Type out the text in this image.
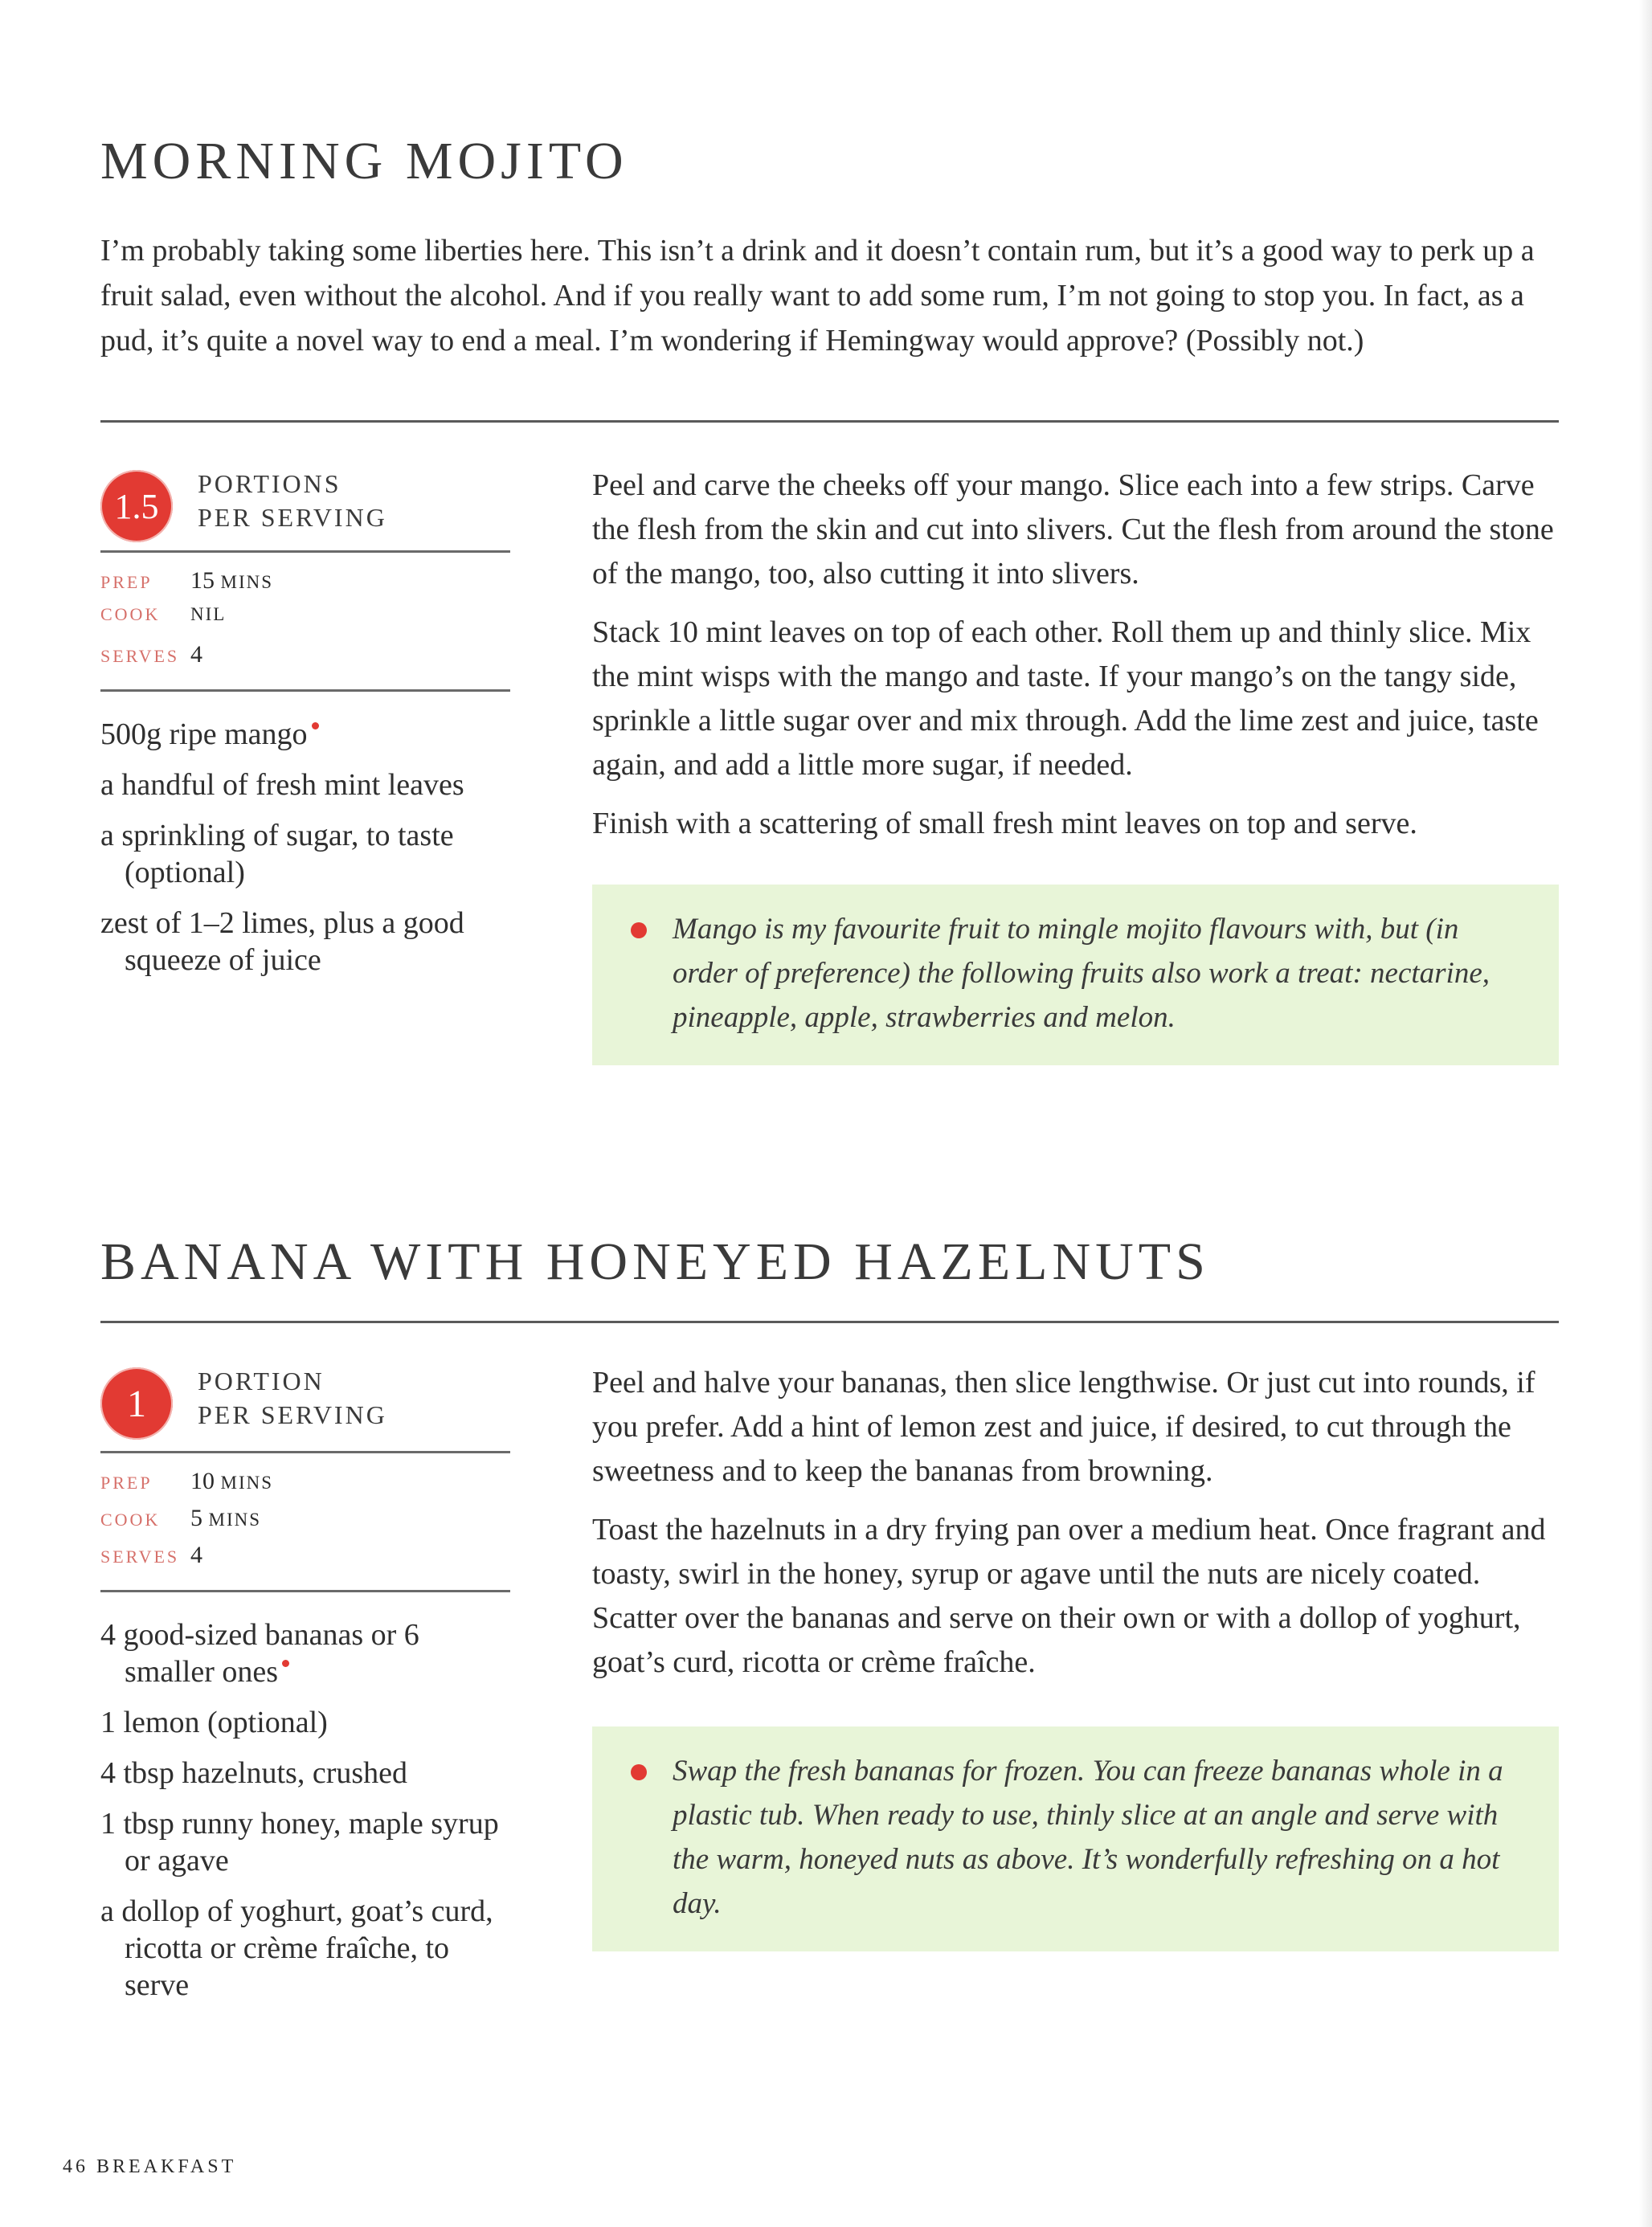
MORNING MOJITO

I’m probably taking some liberties here. This isn’t a drink and it doesn’t contain rum, but it’s a good way to perk up a fruit salad, even without the alcohol. And if you really want to add some rum, I’m not going to stop you. In fact, as a pud, it’s quite a novel way to end a meal. I’m wondering if Hemingway would approve? (Possibly not.)

1.5
PORTIONS
PER SERVING
PREP	15 MINS
COOK	NIL
SERVES 4
500g ripe mango
a handful of fresh mint leaves
a sprinkling of sugar, to taste (optional)
zest of 1–2 limes, plus a good squeeze of juice

Peel and carve the cheeks off your mango. Slice each into a few strips. Carve the flesh from the skin and cut into slivers. Cut the flesh from around the stone of the mango, too, also cutting it into slivers.

Stack 10 mint leaves on top of each other. Roll them up and thinly slice. Mix the mint wisps with the mango and taste. If your mango’s on the tangy side, sprinkle a little sugar over and mix through. Add the lime zest and juice, taste again, and add a little more sugar, if needed.

Finish with a scattering of small fresh mint leaves on top and serve.

Mango is my favourite fruit to mingle mojito flavours with, but (in order of preference) the following fruits also work a treat: nectarine, pineapple, apple, strawberries and melon.

BANANA WITH HONEYED HAZELNUTS
1
PORTION
PER SERVING
PREP	10 MINS
COOK	5 MINS
SERVES 4
4 good-sized bananas or 6 smaller ones
1 lemon (optional)
4 tbsp hazelnuts, crushed
1 tbsp runny honey, maple syrup or agave
a dollop of yoghurt, goat’s curd, ricotta or crème fraîche, to serve

Peel and halve your bananas, then slice lengthwise. Or just cut into rounds, if you prefer. Add a hint of lemon zest and juice, if desired, to cut through the sweetness and to keep the bananas from browning.

Toast the hazelnuts in a dry frying pan over a medium heat. Once fragrant and toasty, swirl in the honey, syrup or agave until the nuts are nicely coated. Scatter over the bananas and serve on their own or with a dollop of yoghurt, goat’s curd, ricotta or crème fraîche.

Swap the fresh bananas for frozen. You can freeze bananas whole in a plastic tub. When ready to use, thinly slice at an angle and serve with the warm, honeyed nuts as above. It’s wonderfully refreshing on a hot day.

46 BREAKFAST
